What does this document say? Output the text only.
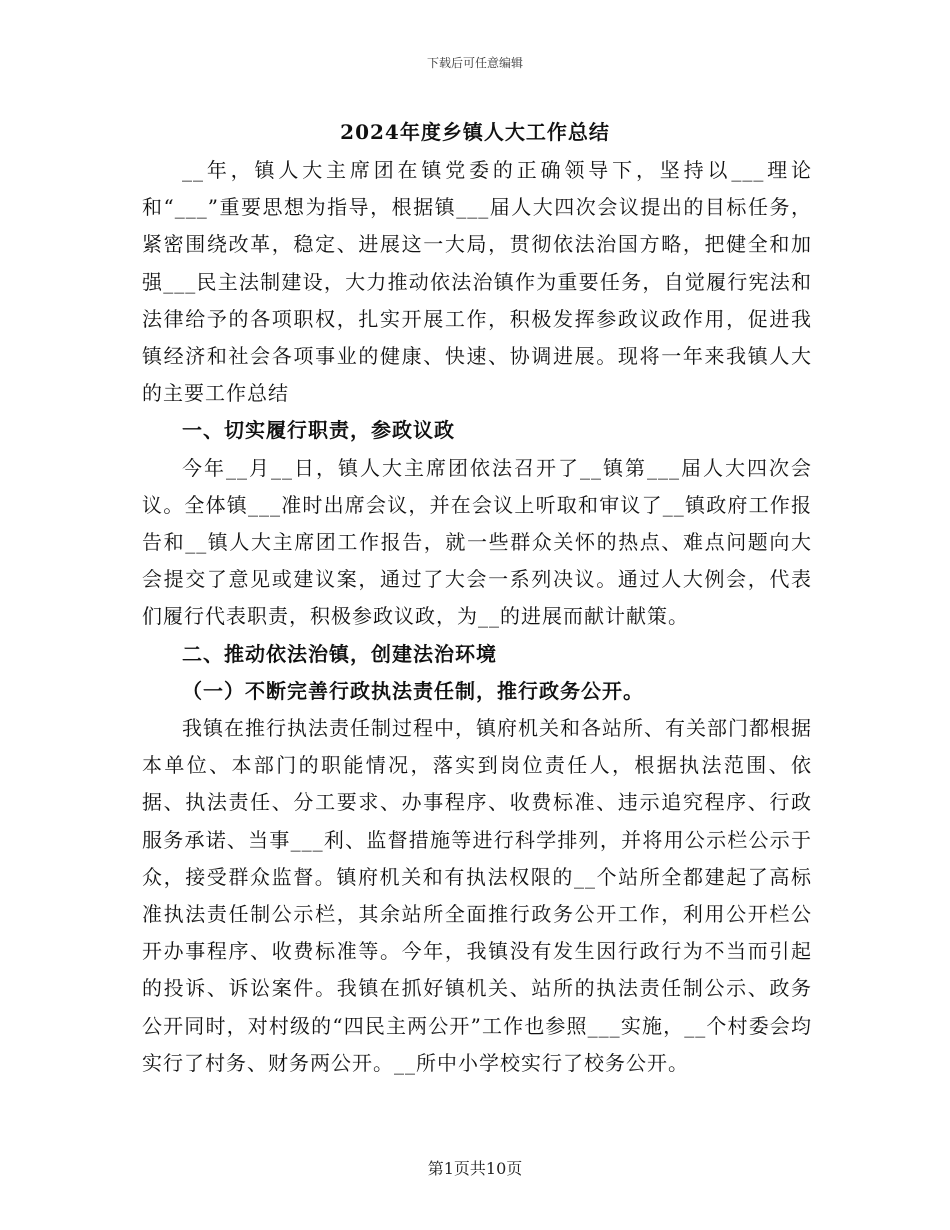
下载后可任意编辑
2024年度乡镇人大工作总结

__年，镇人大主席团在镇党委的正确领导下，坚持以___理论和“___”重要思想为指导，根据镇___届人大四次会议提出的目标任务，紧密围绕改革，稳定、进展这一大局，贯彻依法治国方略，把健全和加强___民主法制建设，大力推动依法治镇作为重要任务，自觉履行宪法和法律给予的各项职权，扎实开展工作，积极发挥参政议政作用，促进我镇经济和社会各项事业的健康、快速、协调进展。现将一年来我镇人大的主要工作总结

一、切实履行职责，参政议政

今年__月__日，镇人大主席团依法召开了__镇第___届人大四次会议。全体镇___准时出席会议，并在会议上听取和审议了__镇政府工作报告和__镇人大主席团工作报告，就一些群众关怀的热点、难点问题向大会提交了意见或建议案，通过了大会一系列决议。通过人大例会，代表们履行代表职责，积极参政议政，为__的进展而献计献策。

二、推动依法治镇，创建法治环境
（一）不断完善行政执法责任制，推行政务公开。

我镇在推行执法责任制过程中，镇府机关和各站所、有关部门都根据本单位、本部门的职能情况，落实到岗位责任人，根据执法范围、依据、执法责任、分工要求、办事程序、收费标准、违示追究程序、行政服务承诺、当事___利、监督措施等进行科学排列，并将用公示栏公示于众，接受群众监督。镇府机关和有执法权限的__个站所全都建起了高标准执法责任制公示栏，其余站所全面推行政务公开工作，利用公开栏公开办事程序、收费标准等。今年，我镇没有发生因行政行为不当而引起的投诉、诉讼案件。我镇在抓好镇机关、站所的执法责任制公示、政务公开同时，对村级的“四民主两公开”工作也参照___实施，__个村委会均实行了村务、财务两公开。__所中小学校实行了校务公开。

第1页共10页
